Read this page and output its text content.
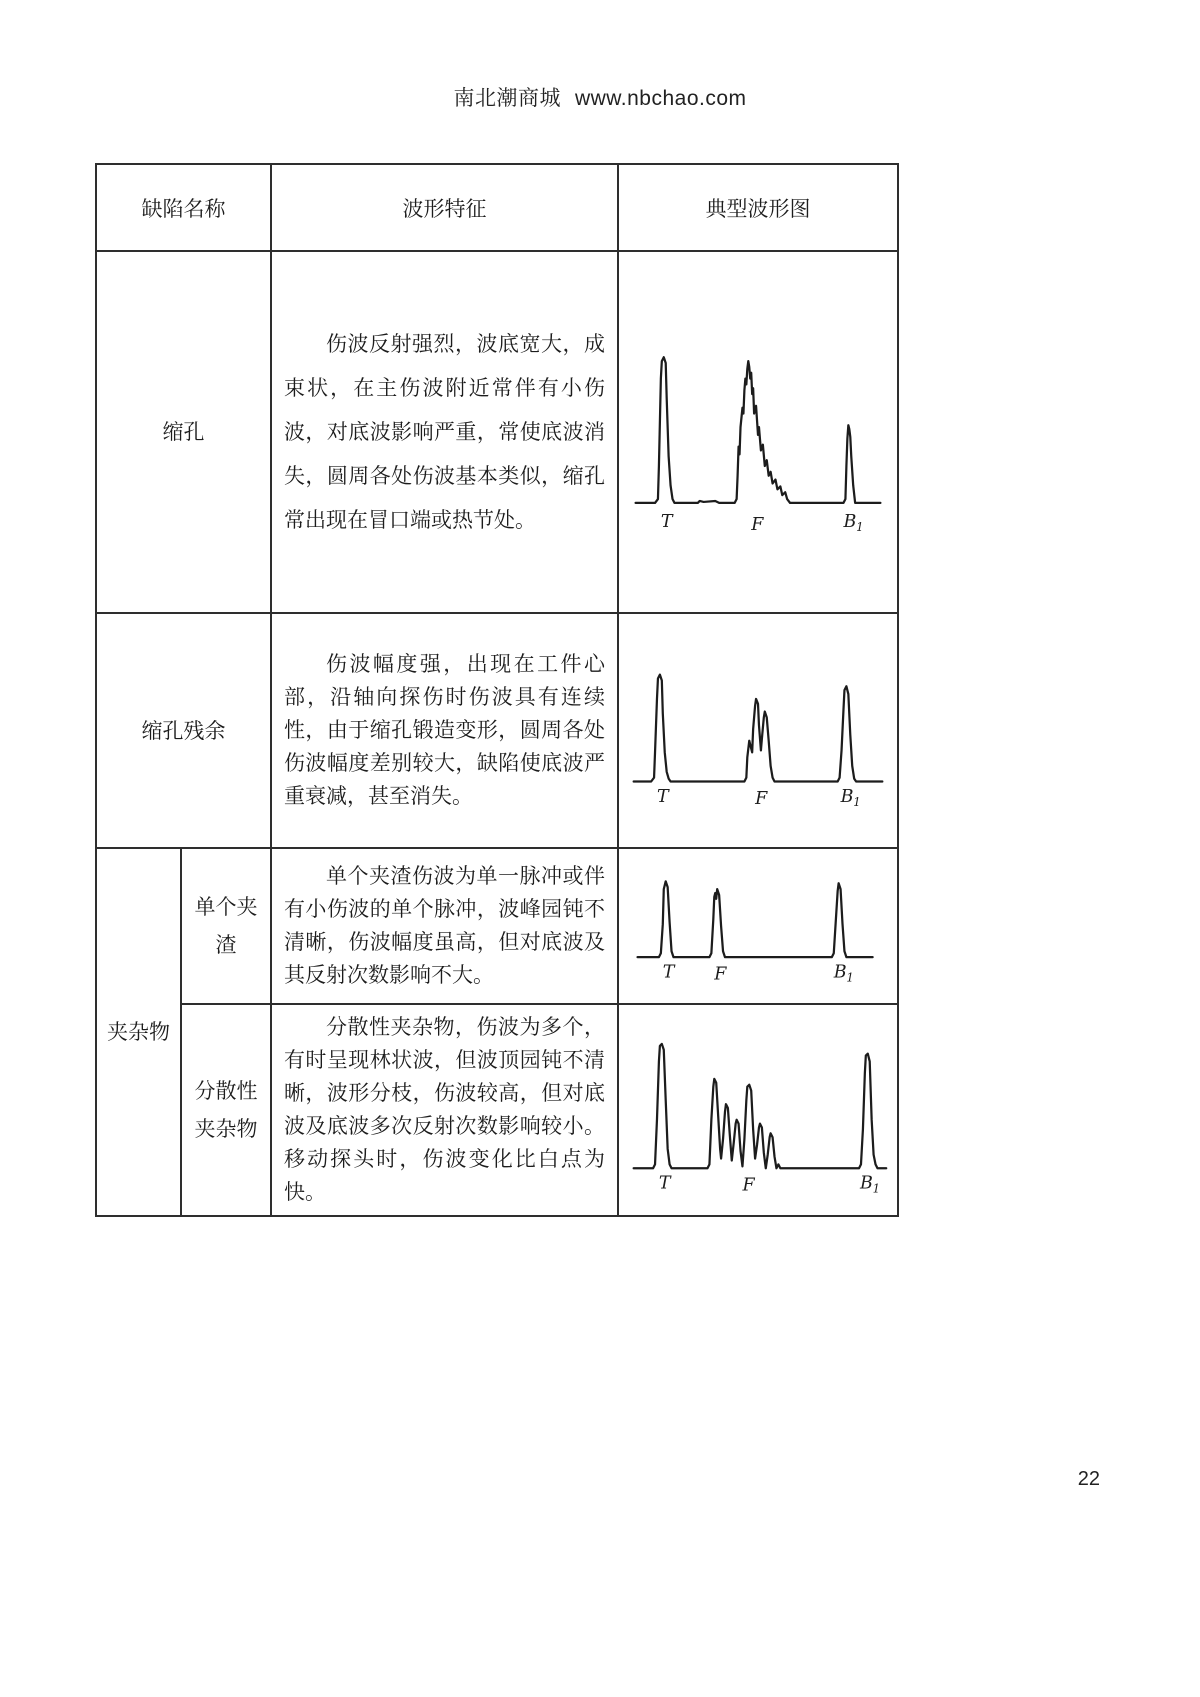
南北潮商城 www.nbchao.com
缺陷名称		波形特征	典型波形图
缩孔		伤波反射强烈，波底宽大，成束状，在主伤波附近常伴有小伤波，对底波影响严重，常使底波消失，圆周各处伤波基本类似，缩孔常出现在冒口端或热节处。	T F B 1

缩孔残余		伤波幅度强，出现在工件心部，沿轴向探伤时伤波具有连续性，由于缩孔锻造变形，圆周各处伤波幅度差别较大，缺陷使底波严重衰减，甚至消失。	T F B 1

夹杂物	单个夹渣	单个夹渣伤波为单一脉冲或伴有小伤波的单个脉冲，波峰园钝不清晰，伤波幅度虽高，但对底波及其反射次数影响不大。	T F B 1

	分散性夹杂物	分散性夹杂物，伤波为多个，有时呈现林状波，但波顶园钝不清晰，波形分枝，伤波较高，但对底波及底波多次反射次数影响较小。移动探头时，伤波变化比白点为快。	T F B 1
22
